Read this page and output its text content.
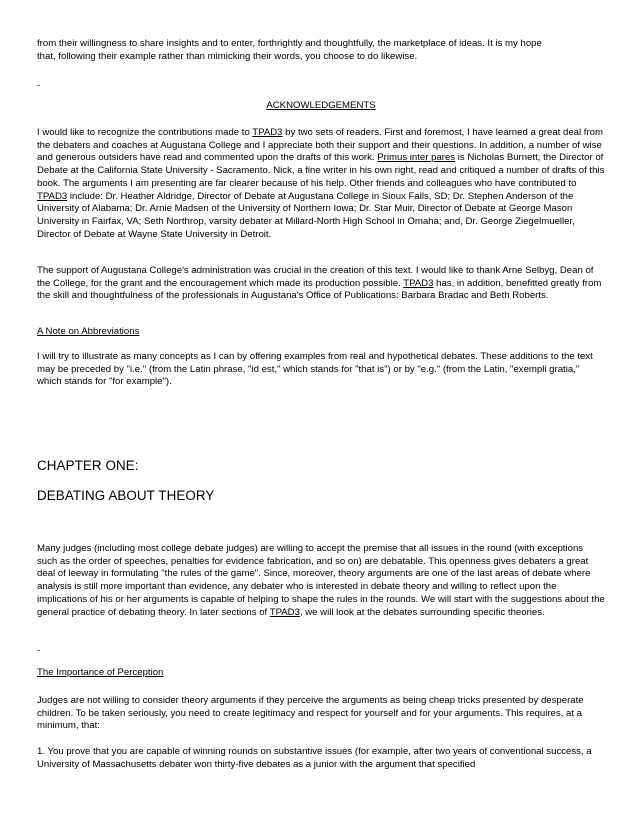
from their willingness to share insights and to enter, forthrightly and thoughtfully, the marketplace of ideas. It is my hope
that, following their example rather than mimicking their words, you choose to do likewise.

-

ACKNOWLEDGEMENTS

I would like to recognize the contributions made to TPAD3 by two sets of readers. First and foremost, I have learned a great deal from the debaters and coaches at Augustana College and I appreciate both their support and their questions. In addition, a number of wise and generous outsiders have read and commented upon the drafts of this work. Primus inter pares is Nicholas Burnett, the Director of Debate at the California State University - Sacramento. Nick, a fine writer in his own right, read and critiqued a number of drafts of this book. The arguments I am presenting are far clearer because of his help. Other friends and colleagues who have contributed to TPAD3 include: Dr. Heather Aldridge, Director of Debate at Augustana College in Sioux Falls, SD; Dr. Stephen Anderson of the University of Alabama; Dr. Arnie Madsen of the University of Northern Iowa; Dr. Star Muir, Director of Debate at George Mason University in Fairfax, VA; Seth Northrop, varsity debater at Millard-North High School in Omaha; and, Dr. George Ziegelmueller, Director of Debate at Wayne State University in Detroit.

The support of Augustana College's administration was crucial in the creation of this text. I would like to thank Arne Selbyg, Dean of the College, for the grant and the encouragement which made its production possible. TPAD3 has, in addition, benefitted greatly from the skill and thoughtfulness of the professionals in Augustana's Office of Publications: Barbara Bradac and Beth Roberts.

A Note on Abbreviations

I will try to illustrate as many concepts as I can by offering examples from real and hypothetical debates. These additions to the text may be preceded by "i.e." (from the Latin phrase, "id est," which stands for "that is") or by "e.g." (from the Latin, "exempli gratia," which stands for "for example").

CHAPTER ONE:

DEBATING ABOUT THEORY

Many judges (including most college debate judges) are willing to accept the premise that all issues in the round (with exceptions such as the order of speeches, penalties for evidence fabrication, and so on) are debatable. This openness gives debaters a great deal of leeway in formulating "the rules of the game". Since, moreover, theory arguments are one of the last areas of debate where analysis is still more important than evidence, any debater who is interested in debate theory and willing to reflect upon the implications of his or her arguments is capable of helping to shape the rules in the rounds. We will start with the suggestions about the general practice of debating theory. In later sections of TPAD3, we will look at the debates surrounding specific theories.

-

The Importance of Perception

Judges are not willing to consider theory arguments if they perceive the arguments as being cheap tricks presented by desperate children. To be taken seriously, you need to create legitimacy and respect for yourself and for your arguments. This requires, at a minimum, that:

1. You prove that you are capable of winning rounds on substantive issues (for example, after two years of conventional success, a University of Massachusetts debater won thirty-five debates as a junior with the argument that specified
